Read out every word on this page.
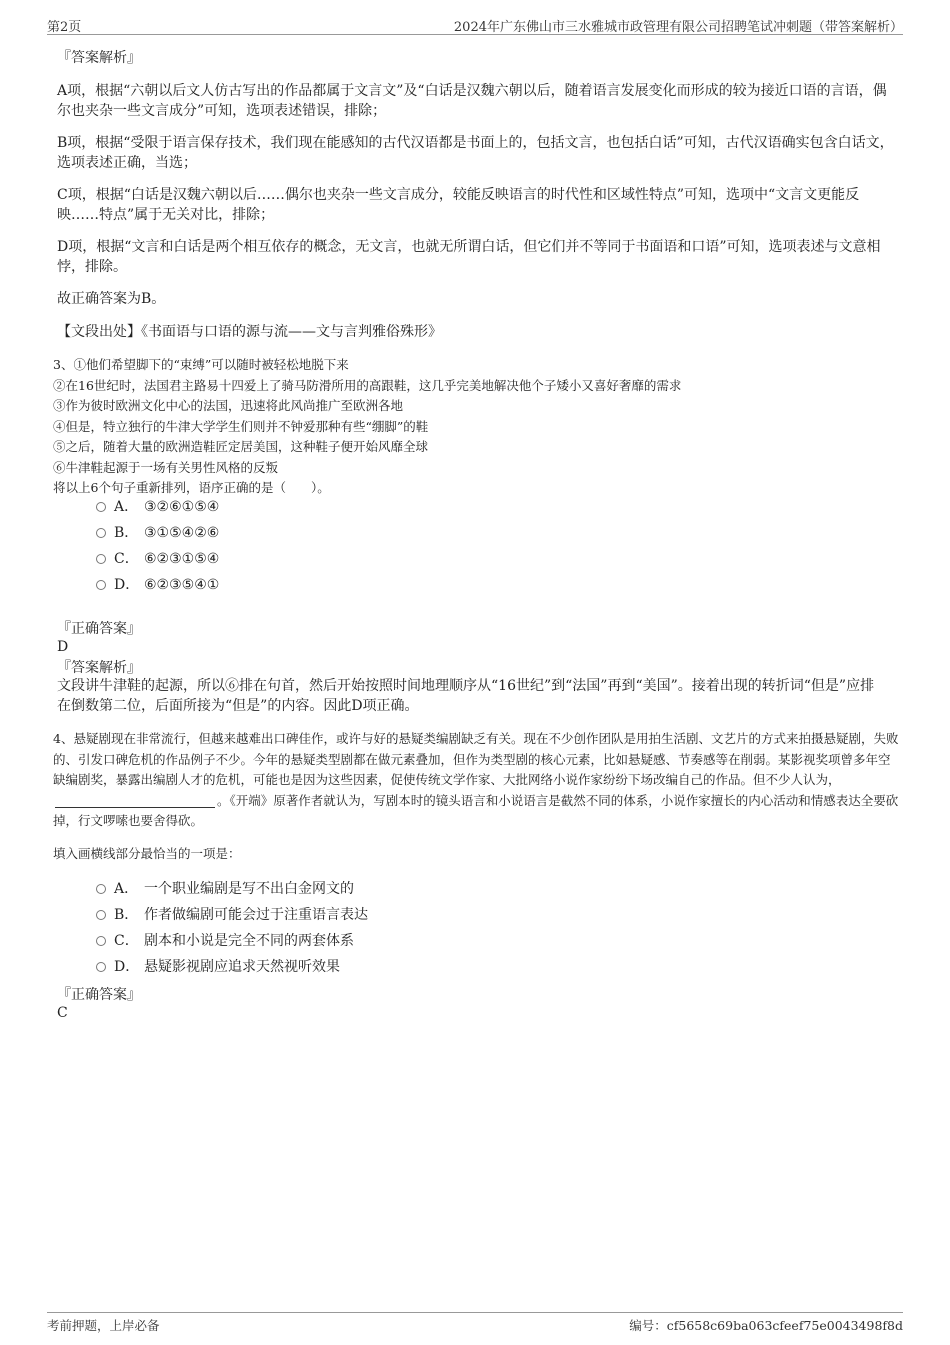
第2页	2024年广东佛山市三水雅城市政管理有限公司招聘笔试冲刺题（带答案解析）
『答案解析』
A项，根据“六朝以后文人仿古写出的作品都属于文言文”及“白话是汉魏六朝以后，随着语言发展变化而形成的较为接近口语的言语，偶尔也夹杂一些文言成分”可知，选项表述错误，排除；
B项，根据“受限于语言保存技术，我们现在能感知的古代汉语都是书面上的，包括文言，也包括白话”可知，古代汉语确实包含白话文，选项表述正确，当选；
C项，根据“白话是汉魏六朝以后……偶尔也夹杂一些文言成分，较能反映语言的时代性和区域性特点”可知，选项中“文言文更能反映……特点”属于无关对比，排除；
D项，根据“文言和白话是两个相互依存的概念，无文言，也就无所谓白话，但它们并不等同于书面语和口语”可知，选项表述与文意相悖，排除。
故正确答案为B。
【文段出处】《书面语与口语的源与流——文与言判雅俗殊形》
3、①他们希望脚下的“束缚”可以随时被轻松地脱下来
②在16世纪时，法国君主路易十四爱上了骑马防滑所用的高跟鞋，这几乎完美地解决他个子矮小又喜好奢靡的需求
③作为彼时欧洲文化中心的法国，迅速将此风尚推广至欧洲各地
④但是，特立独行的牛津大学学生们则并不钟爱那种有些“绷脚”的鞋
⑤之后，随着大量的欧洲造鞋匠定居美国，这种鞋子便开始风靡全球
⑥牛津鞋起源于一场有关男性风格的反叛
将以上6个句子重新排列，语序正确的是（　　）。
A． ③②⑥①⑤④
B． ③①⑤④②⑥
C． ⑥②③①⑤④
D． ⑥②③⑤④①
『正确答案』
D
『答案解析』
文段讲牛津鞋的起源，所以⑥排在句首，然后开始按照时间地理顺序从“16世纪”到“法国”再到“美国”。接着出现的转折词“但是”应排在倒数第二位，后面所接为“但是”的内容。因此D项正确。
4、悬疑剧现在非常流行，但越来越难出口碑佳作，或许与好的悬疑类编剧缺乏有关。现在不少创作团队是用拍生活剧、文艺片的方式来拍摄悬疑剧，失败的、引发口碑危机的作品例子不少。今年的悬疑类型剧都在做元素叠加，但作为类型剧的核心元素，比如悬疑感、节奏感等在削弱。某影视奖项曾多年空缺编剧奖，暴露出编剧人才的危机，可能也是因为这些因素，促使传统文学作家、大批网络小说作家纷纷下场改编自己的作品。但不少人认为，。《开端》原著作者就认为，写剧本时的镜头语言和小说语言是截然不同的体系，小说作家擅长的内心活动和情感表达全要砍掉，行文啰嗦也要舍得砍。
填入画横线部分最恰当的一项是：
A． 一个职业编剧是写不出白金网文的
B． 作者做编剧可能会过于注重语言表达
C． 剧本和小说是完全不同的两套体系
D． 悬疑影视剧应追求天然视听效果
『正确答案』
C
考前押题，上岸必备	编号：cf5658c69ba063cfeef75e0043498f8d
